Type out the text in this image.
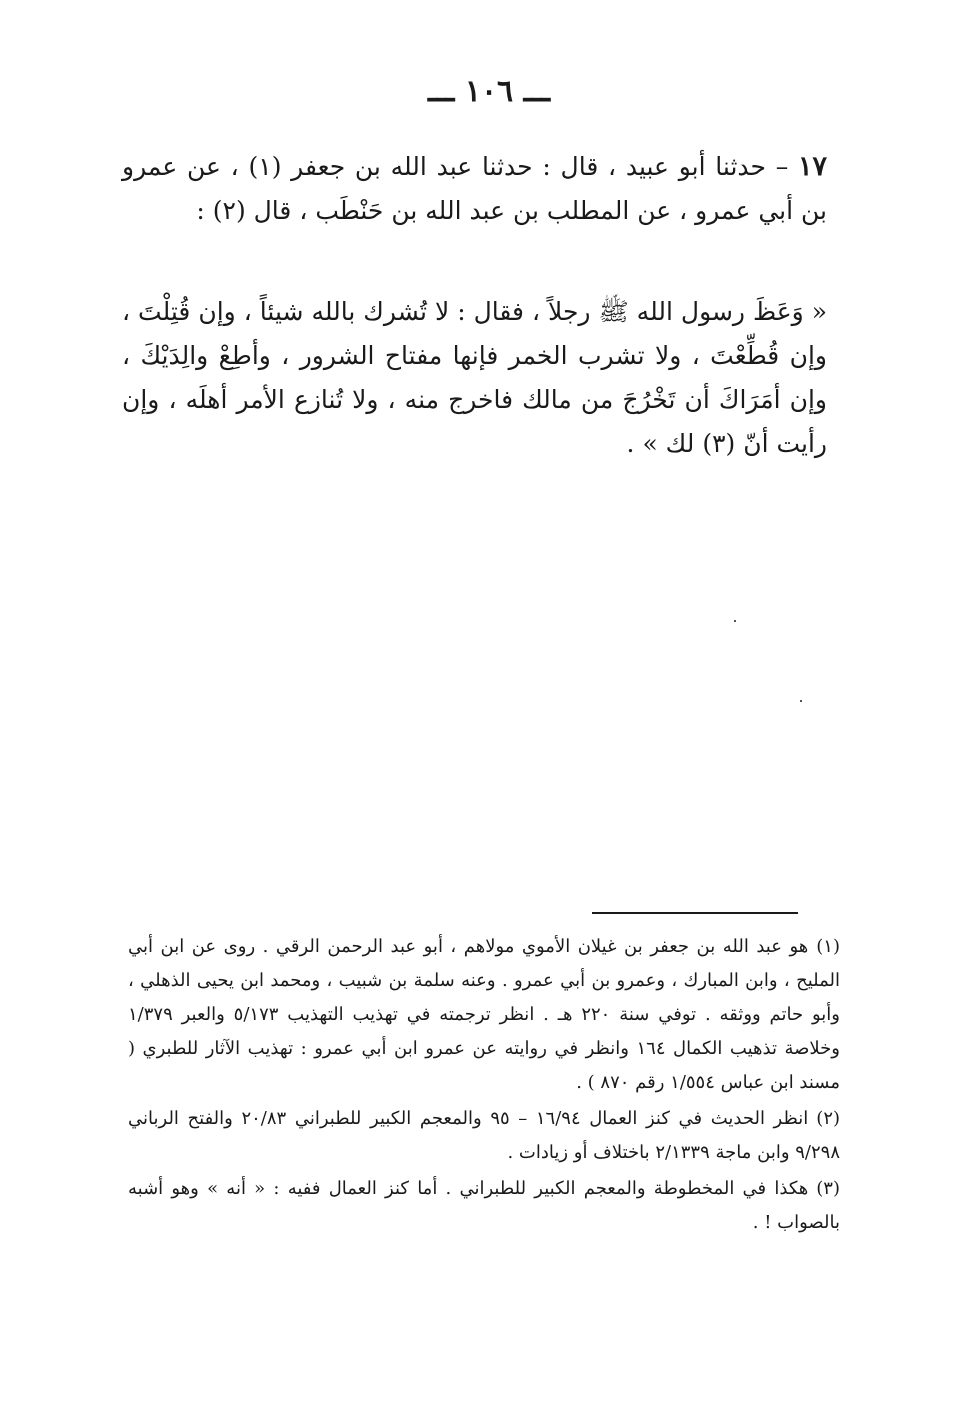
ـــ ١٠٦ ـــ
١٧ – حدثنا أبو عبيد ، قال : حدثنا عبد الله بن جعفر (١) ، عن عمرو بن أبي عمرو ، عن المطلب بن عبد الله بن حَنْطَب ، قال (٢) :
« وَعَظَ رسول الله ﷺ رجلاً ، فقال : لا تُشرك بالله شيئاً ، وإن قُتِلْتَ ، وإن قُطِّعْتَ ، ولا تشرب الخمر فإنها مفتاح الشرور ، وأطِعْ والِدَيْكَ ، وإن أمَرَاكَ أن تَخْرُجَ من مالك فاخرج منه ، ولا تُنازع الأمر أهلَه ، وإن رأيت أنّ (٣) لك » .

(١)هو عبد الله بن جعفر بن غيلان الأموي مولاهم ، أبو عبد الرحمن الرقي . روى عن ابن أبي المليح ، وابن المبارك ، وعمرو بن أبي عمرو . وعنه سلمة بن شبيب ، ومحمد ابن يحيى الذهلي ، وأبو حاتم ووثقه . توفي سنة ٢٢٠ هـ . انظر ترجمته في تهذيب التهذيب ٥/١٧٣ والعبر ١/٣٧٩ وخلاصة تذهيب الكمال ١٦٤ وانظر في روايته عن عمرو ابن أبي عمرو : تهذيب الآثار للطبري ( مسند ابن عباس ١/٥٥٤ رقم ٨٧٠ ) .

(٢)انظر الحديث في كنز العمال ١٦/٩٤ – ٩٥ والمعجم الكبير للطبراني ٢٠/٨٣ والفتح الرباني ٩/٢٩٨ وابن ماجة ٢/١٣٣٩ باختلاف أو زيادات .

(٣)هكذا في المخطوطة والمعجم الكبير للطبراني . أما كنز العمال ففيه : « أنه » وهو أشبه بالصواب ! .
